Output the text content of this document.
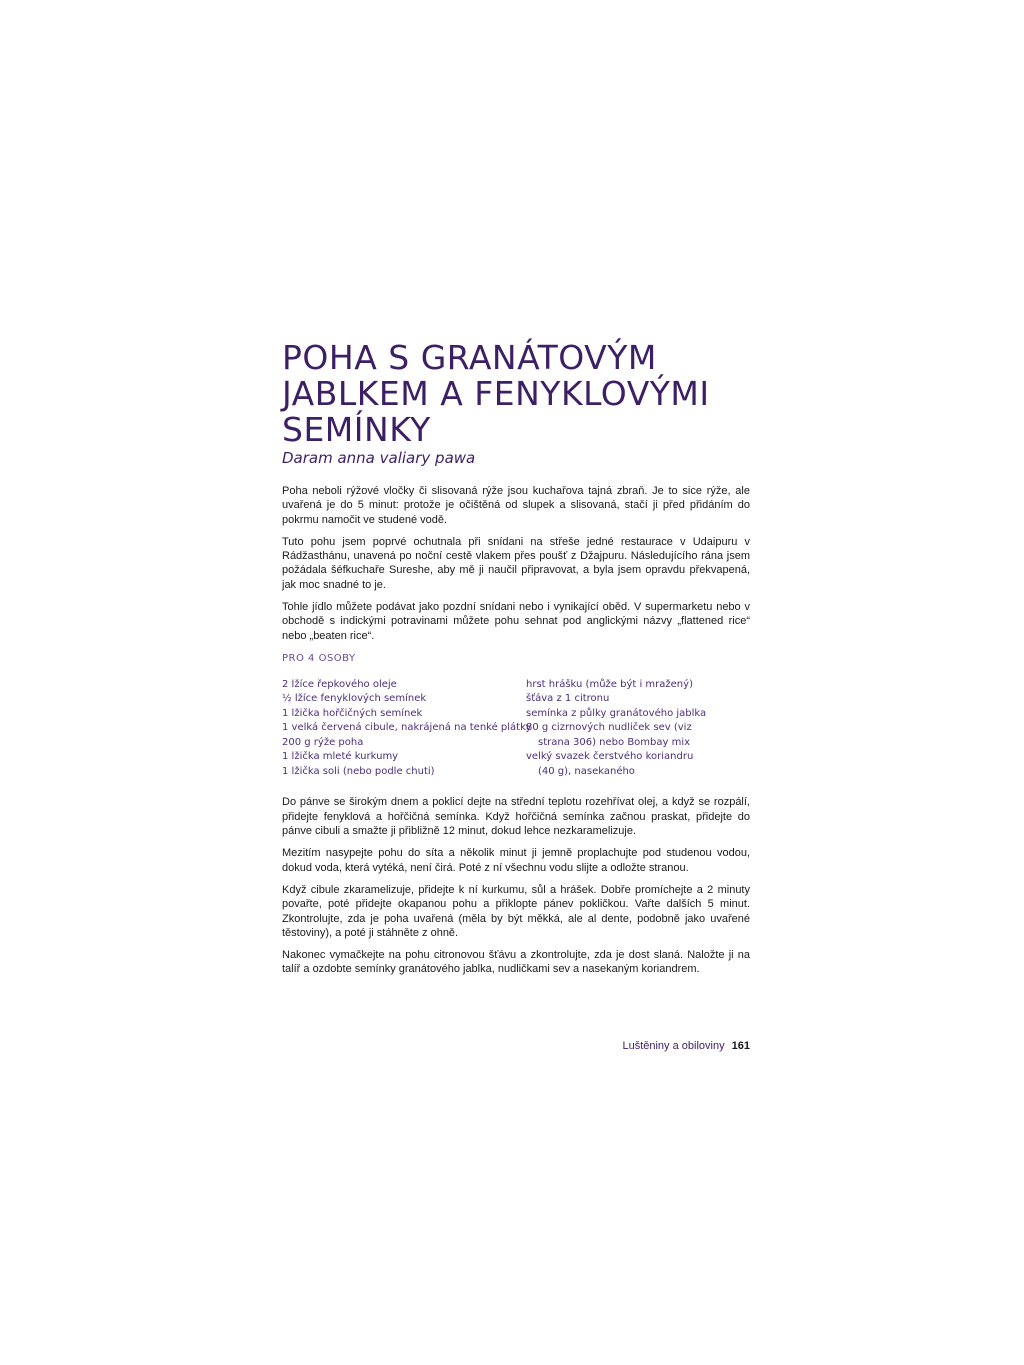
POHA S GRANÁTOVÝM
JABLKEM A FENYKLOVÝMI
SEMÍNKY

Daram anna valiary pawa

Poha neboli rýžové vločky či slisovaná rýže jsou kuchařova tajná zbraň. Je to sice rýže, ale uvařená je do 5 minut: protože je očištěná od slupek a slisovaná, stačí ji před přidáním do pokrmu namočit ve studené vodě.

Tuto pohu jsem poprvé ochutnala při snídani na střeše jedné restaurace v Udaipuru v Rádžasthánu, unavená po noční cestě vlakem přes poušť z Džajpuru. Následujícího rána jsem požádala šéfkuchaře Sureshe, aby mě ji naučil připravovat, a byla jsem opravdu překvapená, jak moc snadné to je.

Tohle jídlo můžete podávat jako pozdní snídani nebo i vynikající oběd. V supermarketu nebo v obchodě s indickými potravinami můžete pohu sehnat pod anglickými názvy „flattened rice“ nebo „beaten rice“.

PRO 4 OSOBY
2 lžíce řepkového oleje
½ lžíce fenyklových semínek
1 lžička hořčičných semínek
1 velká červená cibule, nakrájená na tenké plátky
200 g rýže poha
1 lžička mleté kurkumy
1 lžička soli (nebo podle chuti)
hrst hrášku (může být i mražený)
šťáva z 1 citronu
semínka z půlky granátového jablka
80 g cizrnových nudliček sev (viz
strana 306) nebo Bombay mix
velký svazek čerstvého koriandru
(40 g), nasekaného

Do pánve se širokým dnem a poklicí dejte na střední teplotu rozehřívat olej, a když se rozpálí, přidejte fenyklová a hořčičná semínka. Když hořčičná semínka začnou praskat, přidejte do pánve cibuli a smažte ji přibližně 12 minut, dokud lehce nezkaramelizuje.

Mezitím nasypejte pohu do síta a několik minut ji jemně proplachujte pod studenou vodou, dokud voda, která vytéká, není čirá. Poté z ní všechnu vodu slijte a odložte stranou.

Když cibule zkaramelizuje, přidejte k ní kurkumu, sůl a hrášek. Dobře promíchejte a 2 minuty povařte, poté přidejte okapanou pohu a přiklopte pánev pokličkou. Vařte dalších 5 minut. Zkontrolujte, zda je poha uvařená (měla by být měkká, ale al dente, podobně jako uvařené těstoviny), a poté ji stáhněte z ohně.

Nakonec vymačkejte na pohu citronovou šťávu a zkontrolujte, zda je dost slaná. Naložte ji na talíř a ozdobte semínky granátového jablka, nudličkami sev a nasekaným koriandrem.

Luštěniny a obiloviny 161
